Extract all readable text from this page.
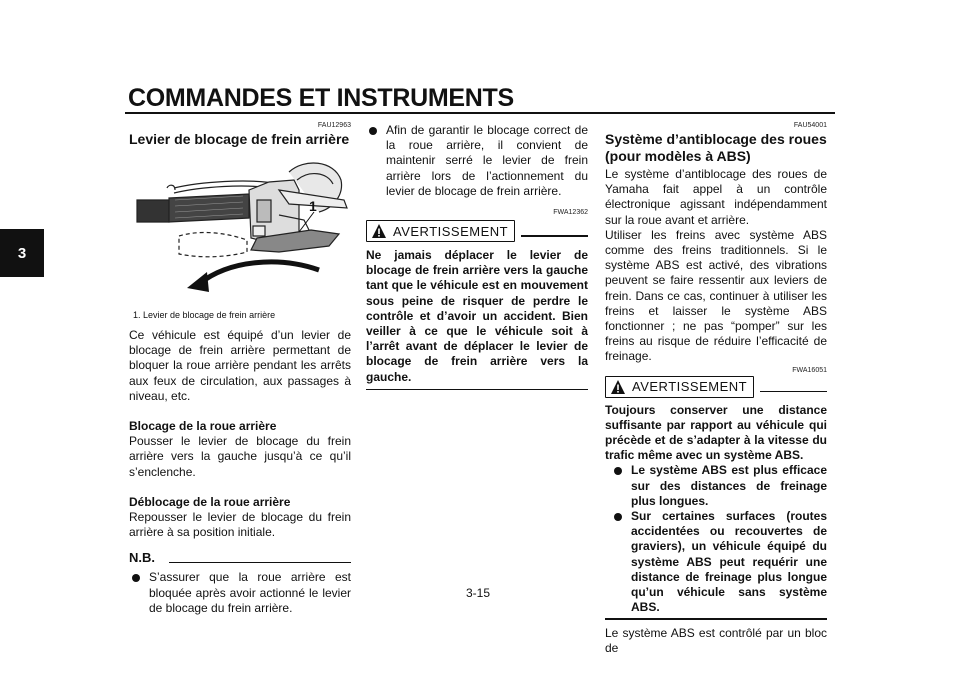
COMMANDES ET INSTRUMENTS
3
FAU12963
Levier de blocage de frein arrière
1
1. Levier de blocage de frein arrière

Ce véhicule est équipé d’un levier de blocage de frein arrière permettant de bloquer la roue arrière pendant les arrêts aux feux de circulation, aux passages à niveau, etc.

Blocage de la roue arrière

Pousser le levier de blocage du frein arrière vers la gauche jusqu’à ce qu’il s’enclenche.

Déblocage de la roue arrière

Repousser le levier de blocage du frein arrière à sa position initiale.

N.B.
S’assurer que la roue arrière est bloquée après avoir actionné le levier de blocage du frein arrière.
Afin de garantir le blocage correct de la roue arrière, il convient de maintenir serré le levier de frein arrière lors de l’actionnement du levier de blocage de frein arrière.
FWA12362
AVERTISSEMENT

Ne jamais déplacer le levier de blocage de frein arrière vers la gauche tant que le véhicule est en mouvement sous peine de risquer de perdre le contrôle et d’avoir un accident. Bien veiller à ce que le véhicule soit à l’arrêt avant de déplacer le levier de blocage de frein arrière vers la gauche.

FAU54001
Système d’antiblocage des roues (pour modèles à ABS)

Le système d’antiblocage des roues de Yamaha fait appel à un contrôle électronique agissant indépendamment sur la roue avant et arrière.

Utiliser les freins avec système ABS comme des freins traditionnels. Si le système ABS est activé, des vibrations peuvent se faire ressentir aux leviers de frein. Dans ce cas, continuer à utiliser les freins et laisser le système ABS fonctionner ; ne pas “pomper” sur les freins au risque de réduire l’efficacité de freinage.

FWA16051
AVERTISSEMENT

Toujours conserver une distance suffisante par rapport au véhicule qui précède et de s’adapter à la vitesse du trafic même avec un système ABS.

Le système ABS est plus efficace sur des distances de freinage plus longues.
Sur certaines surfaces (routes accidentées ou recouvertes de graviers), un véhicule équipé du système ABS peut requérir une distance de freinage plus longue qu’un véhicule sans système ABS.

Le système ABS est contrôlé par un bloc de

3-15
